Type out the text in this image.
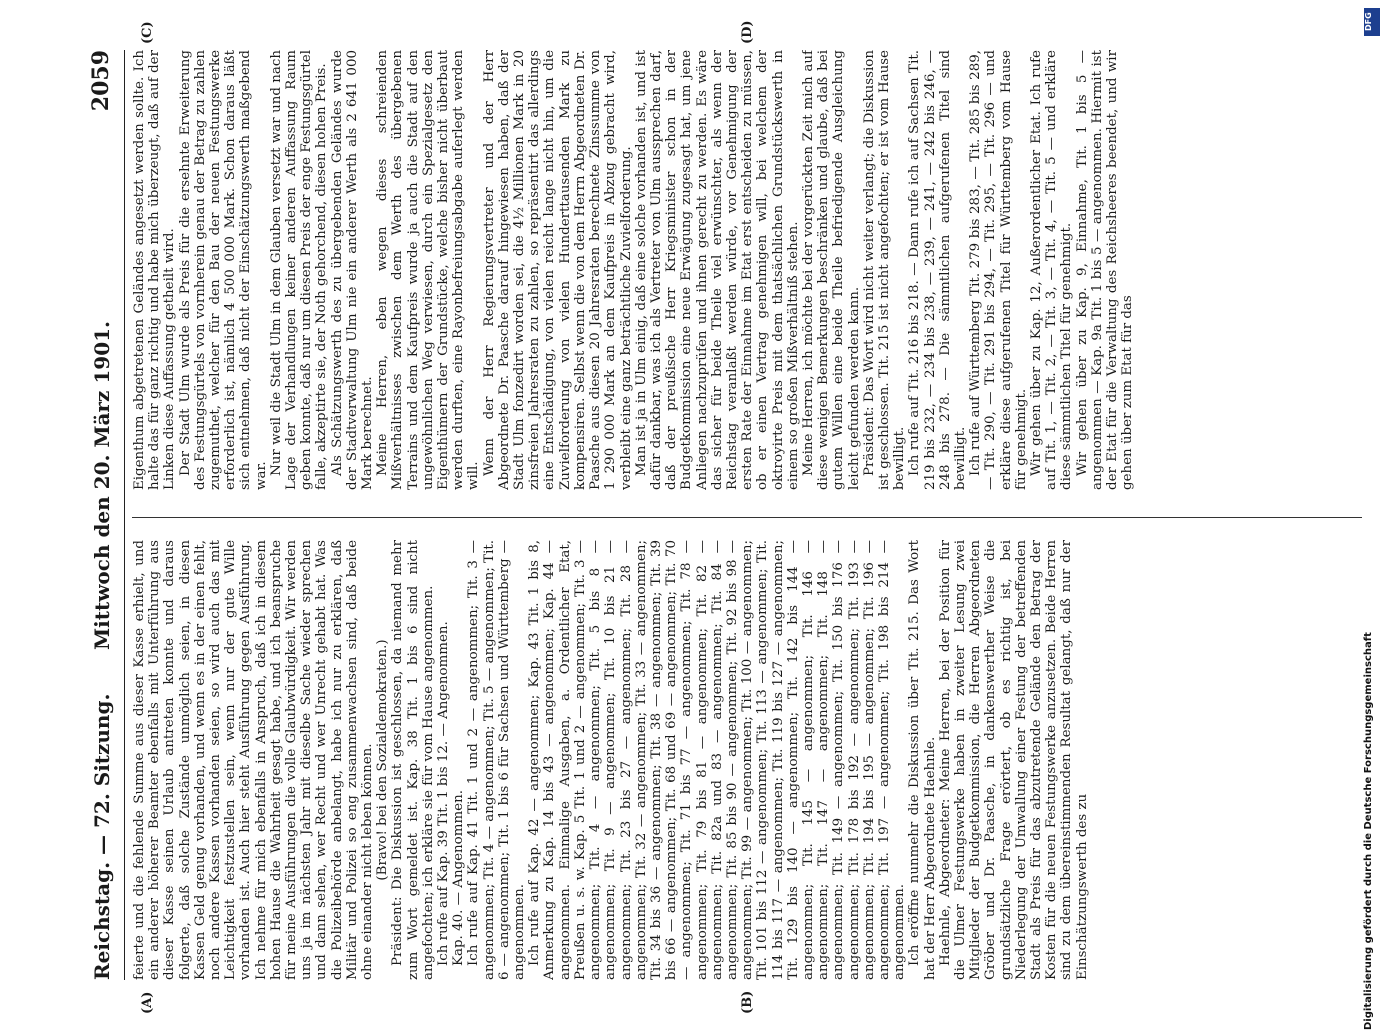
Reichstag. — 72. Sitzung.
Mittwoch den 20. März 1901.
2059

feierte und die fehlende Summe aus dieser Kasse erhielt, und ein anderer höherer Beamter ebenfalls mit Unterführung aus dieser Kasse seinen Urlaub antreten konnte und daraus folgerte, daß solche Zustände unmöglich seien, in diesen Kassen Geld genug vorhanden, und wenn es in der einen fehlt, noch andere Kassen vorhanden seien, so wird auch das mit Leichtigkeit festzustellen sein, wenn nur der gute Wille vorhanden ist. Auch hier steht Ausführung gegen Ausführung. Ich nehme für mich ebenfalls in Anspruch, daß ich in diesem hohen Hause die Wahrheit gesagt habe, und ich beanspruche für meine Ausführungen die volle Glaubwürdigkeit. Wir werden uns ja im nächsten Jahr mit dieselbe Sache wieder sprechen und dann sehen, wer Recht und wer Unrecht gehabt hat. Was die Polizeibehörde anbelangt, habe ich nur zu erklären, daß Militär und Polizei so eng zusammenwachsen sind, daß beide ohne einander nicht leben können. (Bravo! bei den Sozialdemokraten.) Präsident: Die Diskussion ist geschlossen, da niemand mehr zum Wort gemeldet ist. Kap. 38 Tit. 1 bis 6 sind nicht angefochten; ich erkläre sie für vom Hause angenommen. Ich rufe auf Kap. 39 Tit. 1 bis 12. — Angenommen. Kap. 40. — Angenommen. Ich rufe auf Kap. 41 Tit. 1 und 2 — angenommen; Tit. 3 — angenommen; Tit. 4 — angenommen; Tit. 5 — angenommen; Tit. 6 — angenommen; Tit. 1 bis 6 für Sachsen und Württemberg — angenommen. Ich rufe auf Kap. 42 — angenommen; Kap. 43 Tit. 1 bis 8, Anmerkung zu Kap. 14 bis 43 — angenommen; Kap. 44 — angenommen. Einmalige Ausgaben, a. Ordentlicher Etat, Preußen u. s. w. Kap. 5 Tit. 1 und 2 — angenommen; Tit. 3 — angenommen; Tit. 4 — angenommen; Tit. 5 bis 8 — angenommen; Tit. 9 — angenommen; Tit. 10 bis 21 — angenommen; Tit. 23 bis 27 — angenommen; Tit. 28 — angenommen; Tit. 32 — angenommen; Tit. 33 — angenommen; Tit. 34 bis 36 — angenommen; Tit. 38 — angenommen; Tit. 39 bis 66 — angenommen; Tit. 68 und 69 — angenommen; Tit. 70 — angenommen; Tit. 71 bis 77 — angenommen; Tit. 78 — angenommen; Tit. 79 bis 81 — angenommen; Tit. 82 — angenommen; Tit. 82a und 83 — angenommen; Tit. 84 — angenommen; Tit. 85 bis 90 — angenommen; Tit. 92 bis 98 — angenommen; Tit. 99 — angenommen; Tit. 100 — angenommen; Tit. 101 bis 112 — angenommen; Tit. 113 — angenommen; Tit. 114 bis 117 — angenommen; Tit. 119 bis 127 — angenommen; Tit. 129 bis 140 — angenommen; Tit. 142 bis 144 — angenommen; Tit. 145 — angenommen; Tit. 146 — angenommen; Tit. 147 — angenommen; Tit. 148 — angenommen; Tit. 149 — angenommen; Tit. 150 bis 176 — angenommen; Tit. 178 bis 192 — angenommen; Tit. 193 — angenommen; Tit. 194 bis 195 — angenommen; Tit. 196 — angenommen; Tit. 197 — angenommen; Tit. 198 bis 214 — angenommen. Ich eröffne nunmehr die Diskussion über Tit. 215. Das Wort hat der Herr Abgeordnete Haehnle. Haehnle, Abgeordneter: Meine Herren, bei der Position für die Ulmer Festungswerke haben in zweiter Lesung zwei Mitglieder der Budgetkommission, die Herren Abgeordneten Gröber und Dr. Paasche, in dankenswerther Weise die grundsätzliche Frage erörtert, ob es richtig ist, bei Niederlegung der Umwallung einer Festung der betreffenden Stadt als Preis für das abzutretende Gelände den Betrag der Kosten für die neuen Festungswerke anzusetzen. Beide Herren sind zu dem übereinstimmenden Resultat gelangt, daß nur der Einschätzungswerth des zu

Eigenthum abgetretenen Geländes angesetzt werden sollte. Ich halte das für ganz richtig und habe mich überzeugt, daß auf der Linken diese Auffassung getheilt wird. Der Stadt Ulm wurde als Preis für die ersehnte Erweiterung des Festungsgürtels von vornherein genau der Betrag zu zahlen zugemuthet, welcher für den Bau der neuen Festungswerke erforderlich ist, nämlich 4 500 000 Mark. Schon daraus läßt sich entnehmen, daß nicht der Einschätzungswerth maßgebend war. Nur weil die Stadt Ulm in dem Glauben versetzt war und nach Lage der Verhandlungen keiner anderen Auffassung Raum geben konnte, daß nur um diesen Preis der enge Festungsgürtel falle, akzeptirte sie, der Noth gehorchend, diesen hohen Preis. Als Schätzungswerth des zu übergebenden Geländes wurde der Stadtverwaltung Ulm nie ein anderer Werth als 2 641 000 Mark berechnet. Meine Herren, eben wegen dieses schreienden Mißverhältnisses zwischen dem Werth des übergebenen Terrains und dem Kaufpreis wurde ja auch die Stadt auf den ungewöhnlichen Weg verwiesen, durch ein Spezialgesetz den Eigenthümern der Grundstücke, welche bisher nicht überbaut werden durften, eine Rayonbefreiungsabgabe auferlegt werden will. Wenn der Herr Regierungsvertreter und der Herr Abgeordnete Dr. Paasche darauf hingewiesen haben, daß der Stadt Ulm fonzedirt worden sei, die 4½ Millionen Mark in 20 zinsfreien Jahresraten zu zahlen, so repräsentirt das allerdings eine Entschädigung, von vielen reicht lange nicht hin, um die Zuvielforderung von vielen Hunderttausenden Mark zu kompensiren. Selbst wenn die von dem Herrn Abgeordneten Dr. Paasche aus diesen 20 Jahresraten berechnete Zinssumme von 1 290 000 Mark an dem Kaufpreis in Abzug gebracht wird, verbleibt eine ganz beträchtliche Zuvielforderung. Man ist ja in Ulm einig, daß eine solche vorhanden ist, und ist dafür dankbar, was ich als Vertreter von Ulm aussprechen darf, daß der preußische Herr Kriegsminister schon in der Budgetkommission eine neue Erwägung zugesagt hat, um jene Anliegen nachzuprüfen und ihnen gerecht zu werden. Es wäre das sicher für beide Theile viel erwünschter, als wenn der Reichstag veranlaßt werden würde, vor Genehmigung der ersten Rate der Einnahme im Etat erst entscheiden zu müssen, ob er einen Vertrag genehmigen will, bei welchem der oktroyirte Preis mit dem thatsächlichen Grundstückswerth in einem so großen Mißverhältniß stehen. Meine Herren, ich möchte bei der vorgerückten Zeit mich auf diese wenigen Bemerkungen beschränken und glaube, daß bei gutem Willen eine beide Theile befriedigende Ausgleichung leicht gefunden werden kann. Präsident: Das Wort wird nicht weiter verlangt; die Diskussion ist geschlossen. Tit. 215 ist nicht angefochten; er ist vom Hause bewilligt. Ich rufe auf Tit. 216 bis 218. — Dann rufe ich auf Sachsen Tit. 219 bis 232, — 234 bis 238, — 239, — 241, — 242 bis 246, — 248 bis 278. — Die sämmtlichen aufgerufenen Titel sind bewilligt. Ich rufe auf Württemberg Tit. 279 bis 283, — Tit. 285 bis 289, — Tit. 290, — Tit. 291 bis 294, — Tit. 295, — Tit. 296 — und erkläre diese aufgerufenen Titel für Württemberg vom Hause für genehmigt. Wir gehen über zu Kap. 12, Außerordentlicher Etat. Ich rufe auf Tit. 1, — Tit. 2, — Tit. 3, — Tit. 4, — Tit. 5 — und erkläre diese sämmtlichen Titel für genehmigt. Wir gehen über zu Kap. 9, Einnahme, Tit. 1 bis 5 — angenommen — Kap. 9a Tit. 1 bis 5 — angenommen. Hiermit ist der Etat für die Verwaltung des Reichsheeres beendet, und wir gehen über zum Etat für das

(A)	(B)
(C)	(D)	DFG
Digitalisierung gefördert durch die Deutsche Forschungsgemeinschaft
